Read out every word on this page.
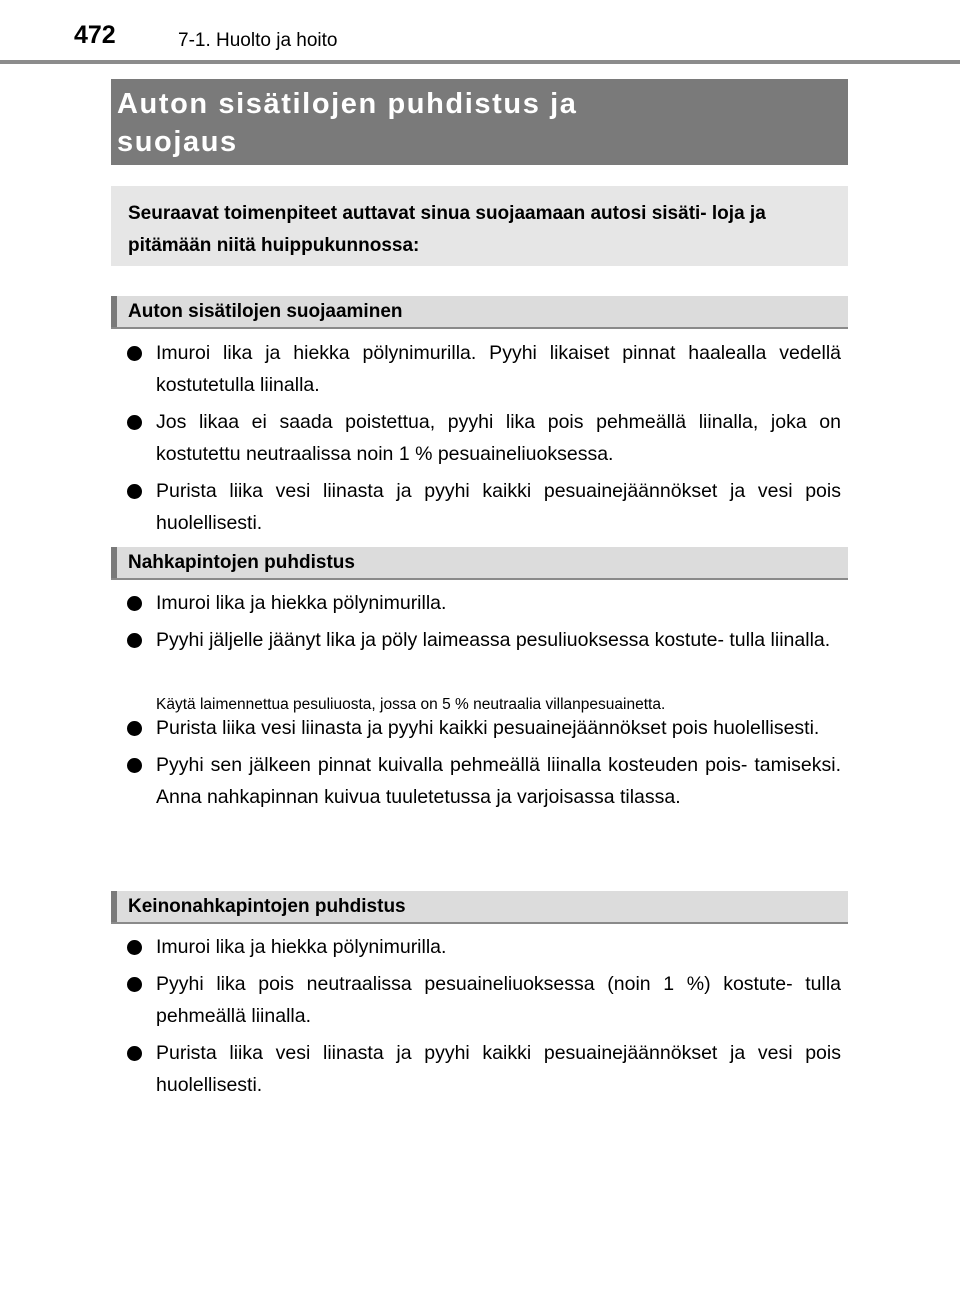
472	7-1. Huolto ja hoito
Auton sisätilojen puhdistus ja
suojaus

Seuraavat toimenpiteet auttavat sinua suojaamaan autosi sisäti- loja ja pitämään niitä huippukunnossa:

Auton sisätilojen suojaaminen
Imuroi lika ja hiekka pölynimurilla. Pyyhi likaiset pinnat haalealla vedellä kostutetulla liinalla.
Jos likaa ei saada poistettua, pyyhi lika pois pehmeällä liinalla, joka on kostutettu neutraalissa noin 1 % pesuaineliuoksessa.
Purista liika vesi liinasta ja pyyhi kaikki pesuainejäännökset ja vesi pois huolellisesti.
Nahkapintojen puhdistus
Imuroi lika ja hiekka pölynimurilla.
Pyyhi jäljelle jäänyt lika ja pöly laimeassa pesuliuoksessa kostute- tulla liinalla.
Käytä laimennettua pesuliuosta, jossa on 5 % neutraalia villanpesuainetta.
Purista liika vesi liinasta ja pyyhi kaikki pesuainejäännökset pois huolellisesti.
Pyyhi sen jälkeen pinnat kuivalla pehmeällä liinalla kosteuden pois- tamiseksi. Anna nahkapinnan kuivua tuuletetussa ja varjoisassa tilassa.
Keinonahkapintojen puhdistus
Imuroi lika ja hiekka pölynimurilla.
Pyyhi lika pois neutraalissa pesuaineliuoksessa (noin 1 %) kostute- tulla pehmeällä liinalla.
Purista liika vesi liinasta ja pyyhi kaikki pesuainejäännökset ja vesi pois huolellisesti.
